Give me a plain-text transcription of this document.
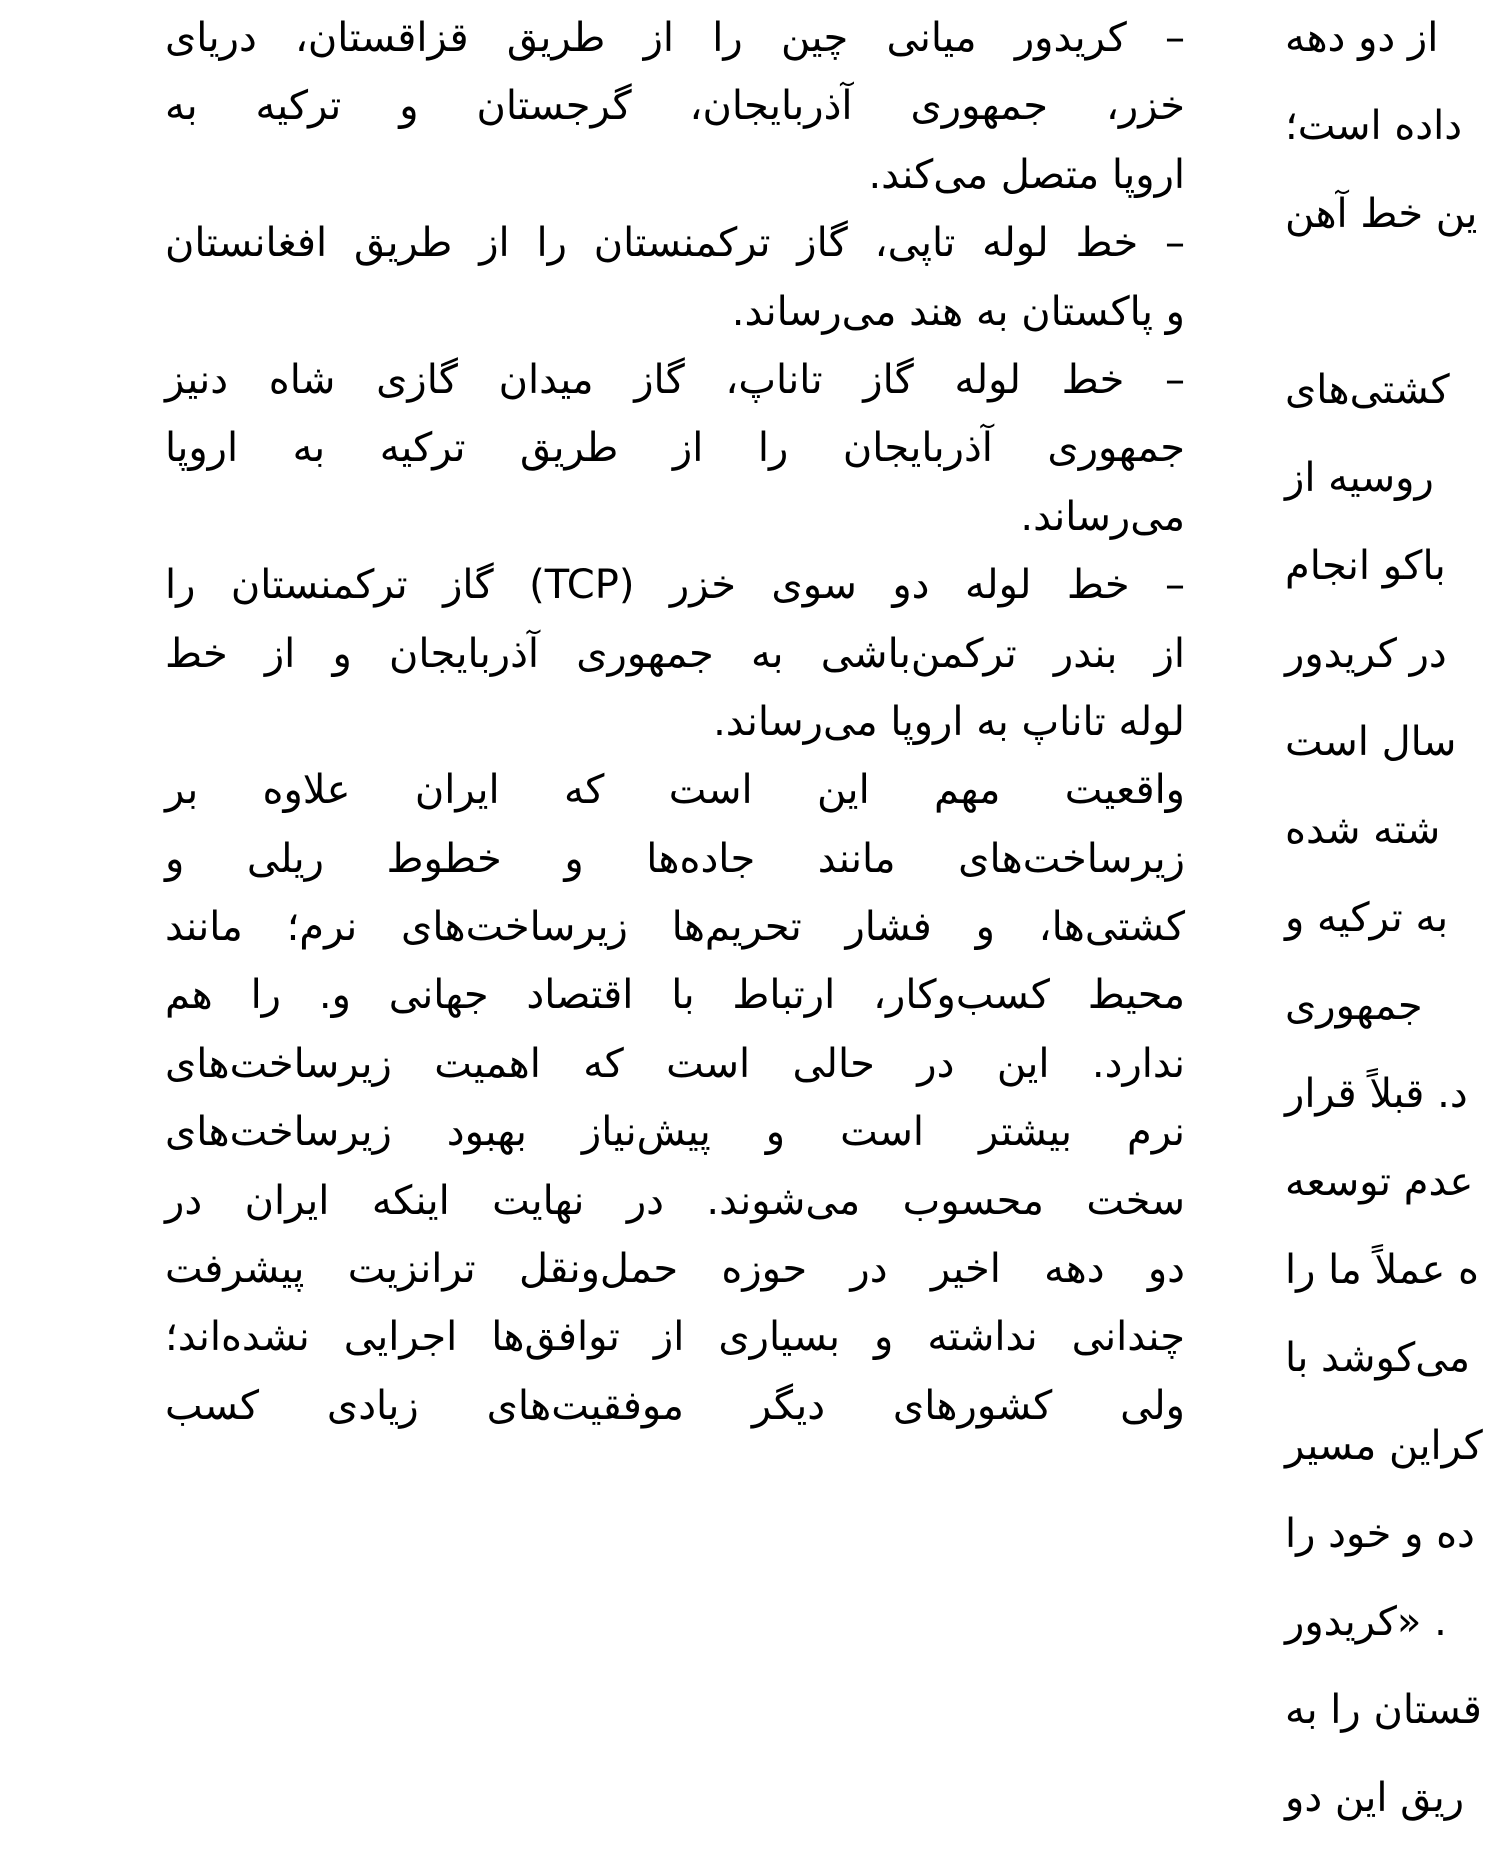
– کریدور میانی چین را از طریق قزاقستان، دریای
خزر، جمهوری آذربایجان، گرجستان و ترکیه به
اروپا متصل می‌کند.
– خط لوله تاپی، گاز ترکمنستان را از طریق افغانستان
و پاکستان به هند می‌رساند.
– خط لوله گاز تاناپ، گاز میدان گازی شاه دنیز
جمهوری آذربایجان را از طریق ترکیه به اروپا
می‌رساند.
– خط لوله دو سوی خزر (TCP) گاز ترکمنستان را
از بندر ترکمن‌باشی به جمهوری آذربایجان و از خط
لوله تاناپ به اروپا می‌رساند.
واقعیت مهم این است که ایران علاوه بر
زیرساخت‌های مانند جاده‌ها و خطوط ریلی و
کشتی‌ها، و فشار تحریم‌ها زیرساخت‌های نرم؛ مانند
محیط کسب‌وکار، ارتباط با اقتصاد جهانی و. را هم
ندارد. این در حالی است که اهمیت زیرساخت‌های
نرم بیشتر است و پیش‌نیاز بهبود زیرساخت‌های
سخت محسوب می‌شوند. در نهایت اینکه ایران در
دو دهه اخیر در حوزه حمل‌ونقل ترانزیت پیشرفت
چندانی نداشته و بسیاری از توافق‌ها اجرایی نشده‌اند؛
ولی کشورهای دیگر موفقیت‌های زیادی کسب
از دو دهه
داده است؛
ین خط آهن
کشتی‌های
روسیه از
باکو انجام
در کریدور
سال است
شته شده
به ترکیه و
جمهوری
د. قبلاً قرار
عدم توسعه
ه عملاً ما را
می‌کوشد با
کراین مسیر
ده و خود را
. «کریدور
قستان را به
ریق این دو
